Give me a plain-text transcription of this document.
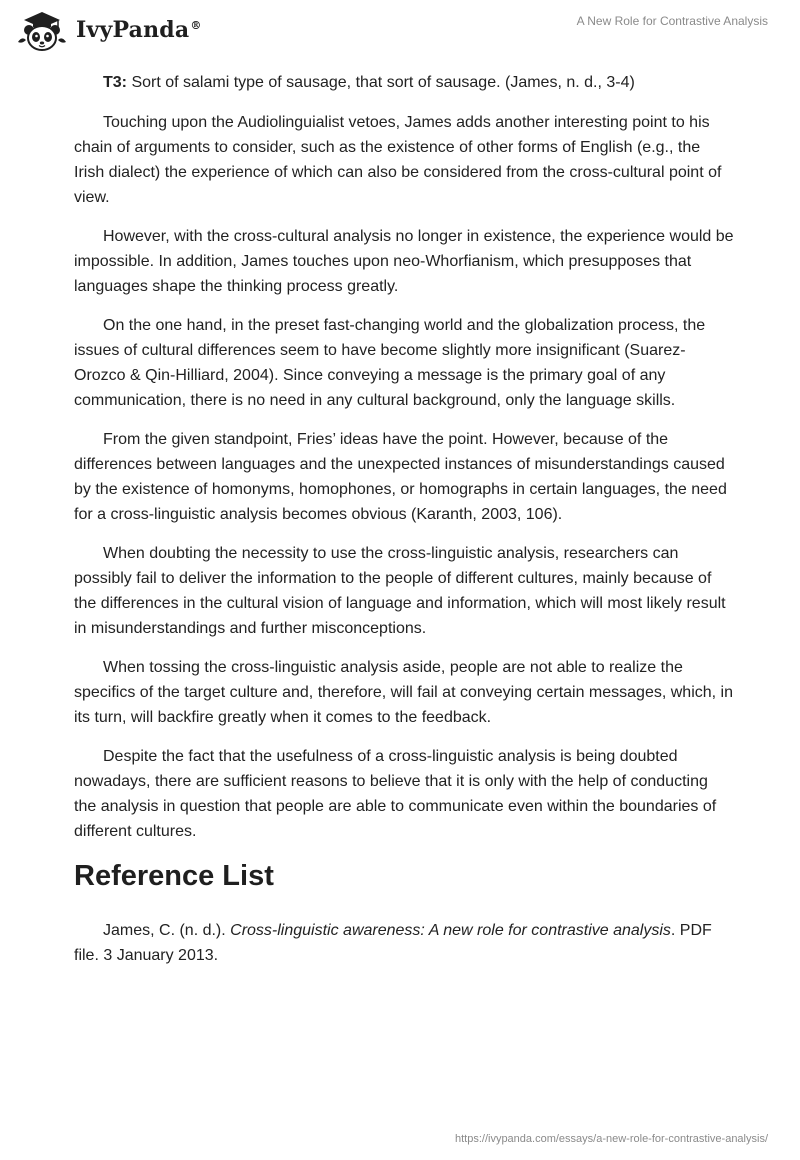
IvyPanda®	A New Role for Contrastive Analysis

T3: Sort of salami type of sausage, that sort of sausage. (James, n. d., 3-4)

Touching upon the Audiolinguialist vetoes, James adds another interesting point to his chain of arguments to consider, such as the existence of other forms of English (e.g., the Irish dialect) the experience of which can also be considered from the cross-cultural point of view.

However, with the cross-cultural analysis no longer in existence, the experience would be impossible. In addition, James touches upon neo-Whorfianism, which presupposes that languages shape the thinking process greatly.

On the one hand, in the preset fast-changing world and the globalization process, the issues of cultural differences seem to have become slightly more insignificant (Suarez-Orozco & Qin-Hilliard, 2004). Since conveying a message is the primary goal of any communication, there is no need in any cultural background, only the language skills.

From the given standpoint, Fries’ ideas have the point. However, because of the differences between languages and the unexpected instances of misunderstandings caused by the existence of homonyms, homophones, or homographs in certain languages, the need for a cross-linguistic analysis becomes obvious (Karanth, 2003, 106).

When doubting the necessity to use the cross-linguistic analysis, researchers can possibly fail to deliver the information to the people of different cultures, mainly because of the differences in the cultural vision of language and information, which will most likely result in misunderstandings and further misconceptions.

When tossing the cross-linguistic analysis aside, people are not able to realize the specifics of the target culture and, therefore, will fail at conveying certain messages, which, in its turn, will backfire greatly when it comes to the feedback.

Despite the fact that the usefulness of a cross-linguistic analysis is being doubted nowadays, there are sufficient reasons to believe that it is only with the help of conducting the analysis in question that people are able to communicate even within the boundaries of different cultures.

Reference List

James, C. (n. d.). Cross-linguistic awareness: A new role for contrastive analysis. PDF file. 3 January 2013.

https://ivypanda.com/essays/a-new-role-for-contrastive-analysis/
